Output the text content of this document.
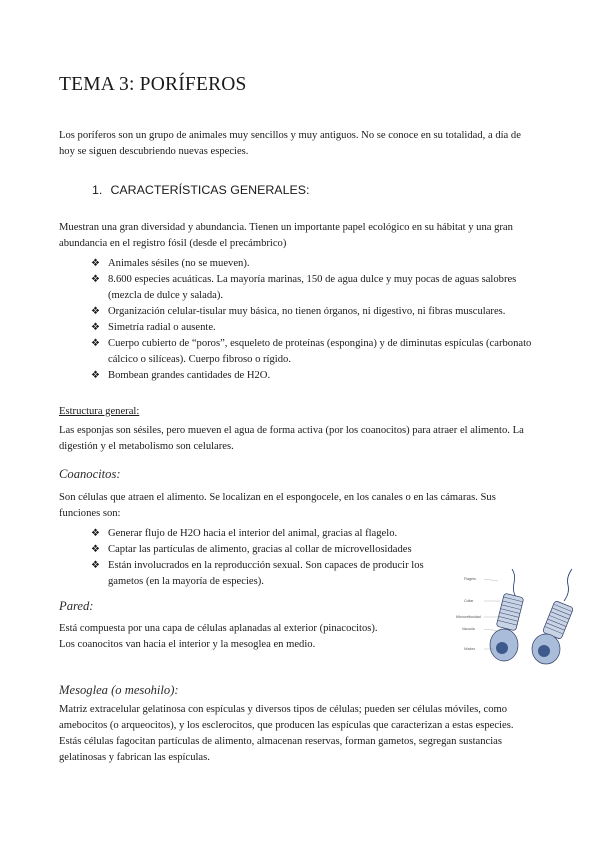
TEMA 3: PORÍFEROS

Los poríferos son un grupo de animales muy sencillos y muy antiguos. No se conoce en su totalidad, a día de hoy se siguen descubriendo nuevas especies.

1. CARACTERÍSTICAS GENERALES:

Muestran una gran diversidad y abundancia. Tienen un importante papel ecológico en su hábitat y una gran abundancia en el registro fósil (desde el precámbrico)

❖ Animales sésiles (no se mueven).
❖ 8.600 especies acuáticas. La mayoría marinas, 150 de agua dulce y muy pocas de aguas salobres (mezcla de dulce y salada).
❖ Organización celular-tisular muy básica, no tienen órganos, ni digestivo, ni fibras musculares.
❖ Simetría radial o ausente.
❖ Cuerpo cubierto de “poros”, esqueleto de proteínas (espongina) y de diminutas espículas (carbonato cálcico o silíceas). Cuerpo fibroso o rígido.
❖ Bombean grandes cantidades de H2O.

Estructura general:

Las esponjas son sésiles, pero mueven el agua de forma activa (por los coanocitos) para atraer el alimento. La digestión y el metabolismo son celulares.

Coanocitos:

Son células que atraen el alimento. Se localizan en el espongocele, en los canales o en las cámaras. Sus funciones son:

❖ Generar flujo de H2O hacia el interior del animal, gracias al flagelo.
❖ Captar las partículas de alimento, gracias al collar de microvellosidades
❖ Están involucrados en la reproducción sexual. Son capaces de producir los gametos (en la mayoría de especies).
Pared:

Está compuesta por una capa de células aplanadas al exterior (pinacocitos).

Los coanocitos van hacia el interior y la mesoglea en medio.

Mesoglea (o mesohilo):

Matriz extracelular gelatinosa con espículas y diversos tipos de células; pueden ser células móviles, como amebocitos (o arqueocitos), y los esclerocitos, que producen las espículas que caracterizan a estas especies. Estás células fagocitan partículas de alimento, almacenan reservas, forman gametos, segregan sustancias gelatinosas y fabrican las espículas.

Flagelo
Collar
Microvellosidad
Vacuola
Núcleo
